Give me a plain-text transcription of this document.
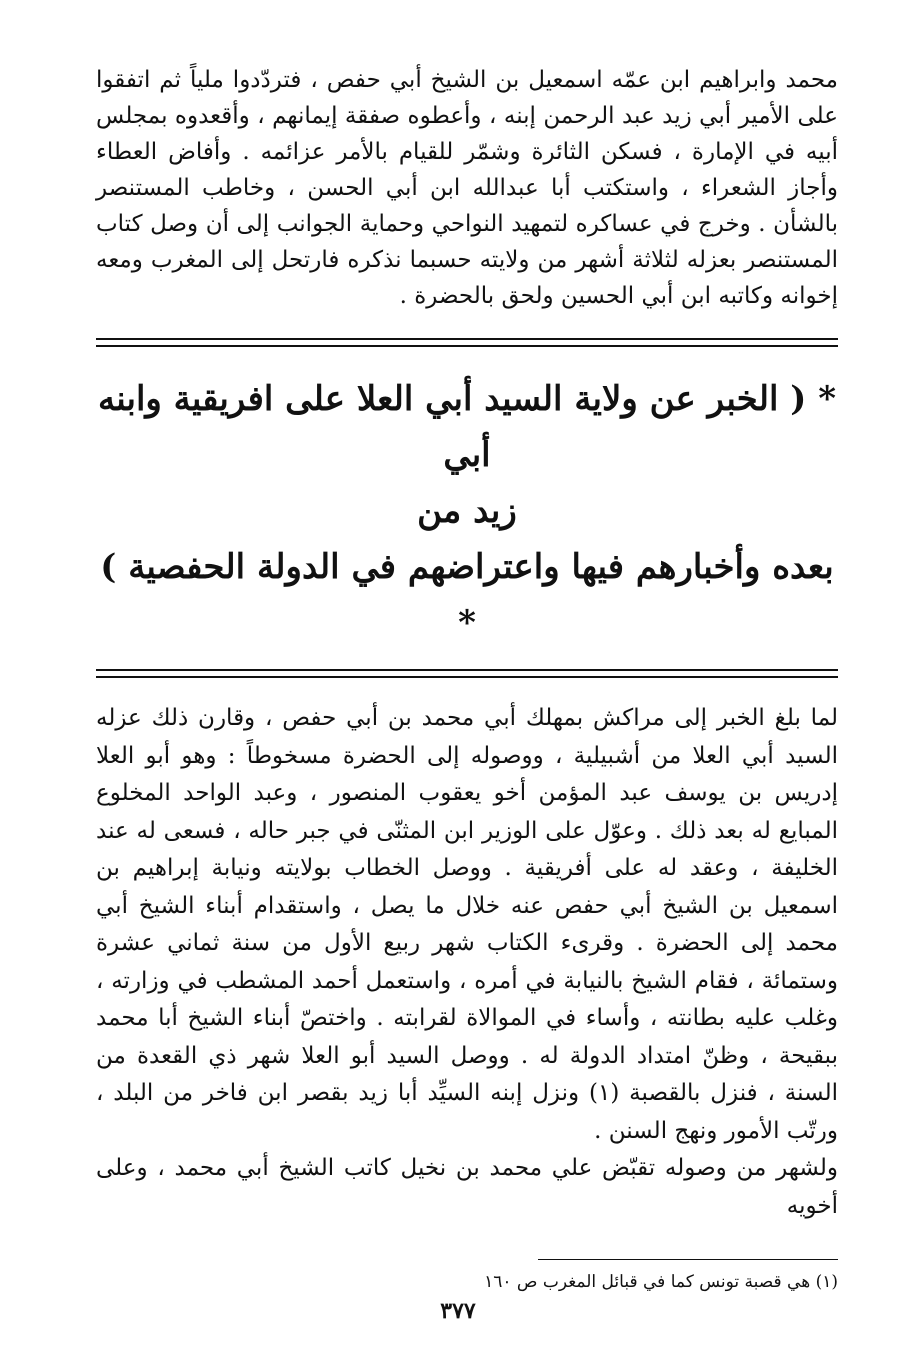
محمد وابراهيم ابن عمّه اسمعيل بن الشيخ أبي حفص ، فتردّدوا ملياً ثم اتفقوا على الأمير أبي زيد عبد الرحمن إبنه ، وأعطوه صفقة إيمانهم ، وأقعدوه بمجلس أبيه في الإمارة ، فسكن الثائرة وشمّر للقيام بالأمر عزائمه . وأفاض العطاء وأجاز الشعراء ، واستكتب أبا عبدالله ابن أبي الحسن ، وخاطب المستنصر بالشأن . وخرج في عساكره لتمهيد النواحي وحماية الجوانب إلى أن وصل كتاب المستنصر بعزله لثلاثة أشهر من ولايته حسبما نذكره فارتحل إلى المغرب ومعه إخوانه وكاتبه ابن أبي الحسين ولحق بالحضرة .

* ( الخبر عن ولاية السيد أبي العلا على افريقية وابنه أبي
زيد من
بعده وأخبارهم فيها واعتراضهم في الدولة الحفصية ) *

لما بلغ الخبر إلى مراكش بمهلك أبي محمد بن أبي حفص ، وقارن ذلك عزله السيد أبي العلا من أشبيلية ، ووصوله إلى الحضرة مسخوطاً : وهو أبو العلا إدريس بن يوسف عبد المؤمن أخو يعقوب المنصور ، وعبد الواحد المخلوع المبايع له بعد ذلك . وعوّل على الوزير ابن المثنّى في جبر حاله ، فسعى له عند الخليفة ، وعقد له على أفريقية . ووصل الخطاب بولايته ونيابة إبراهيم بن اسمعيل بن الشيخ أبي حفص عنه خلال ما يصل ، واستقدام أبناء الشيخ أبي محمد إلى الحضرة . وقرىء الكتاب شهر ربيع الأول من سنة ثماني عشرة وستمائة ، فقام الشيخ بالنيابة في أمره ، واستعمل أحمد المشطب في وزارته ، وغلب عليه بطانته ، وأساء في الموالاة لقرابته . واختصّ أبناء الشيخ أبا محمد ببقيحة ، وظنّ امتداد الدولة له . ووصل السيد أبو العلا شهر ذي القعدة من السنة ، فنزل بالقصبة (١) ونزل إبنه السيِّد أبا زيد بقصر ابن فاخر من البلد ، ورتّب الأمور ونهج السنن .

ولشهر من وصوله تقبّض علي محمد بن نخيل كاتب الشيخ أبي محمد ، وعلى أخويه

(١) هي قصبة تونس كما في قبائل المغرب ص ١٦٠
٣٧٧
